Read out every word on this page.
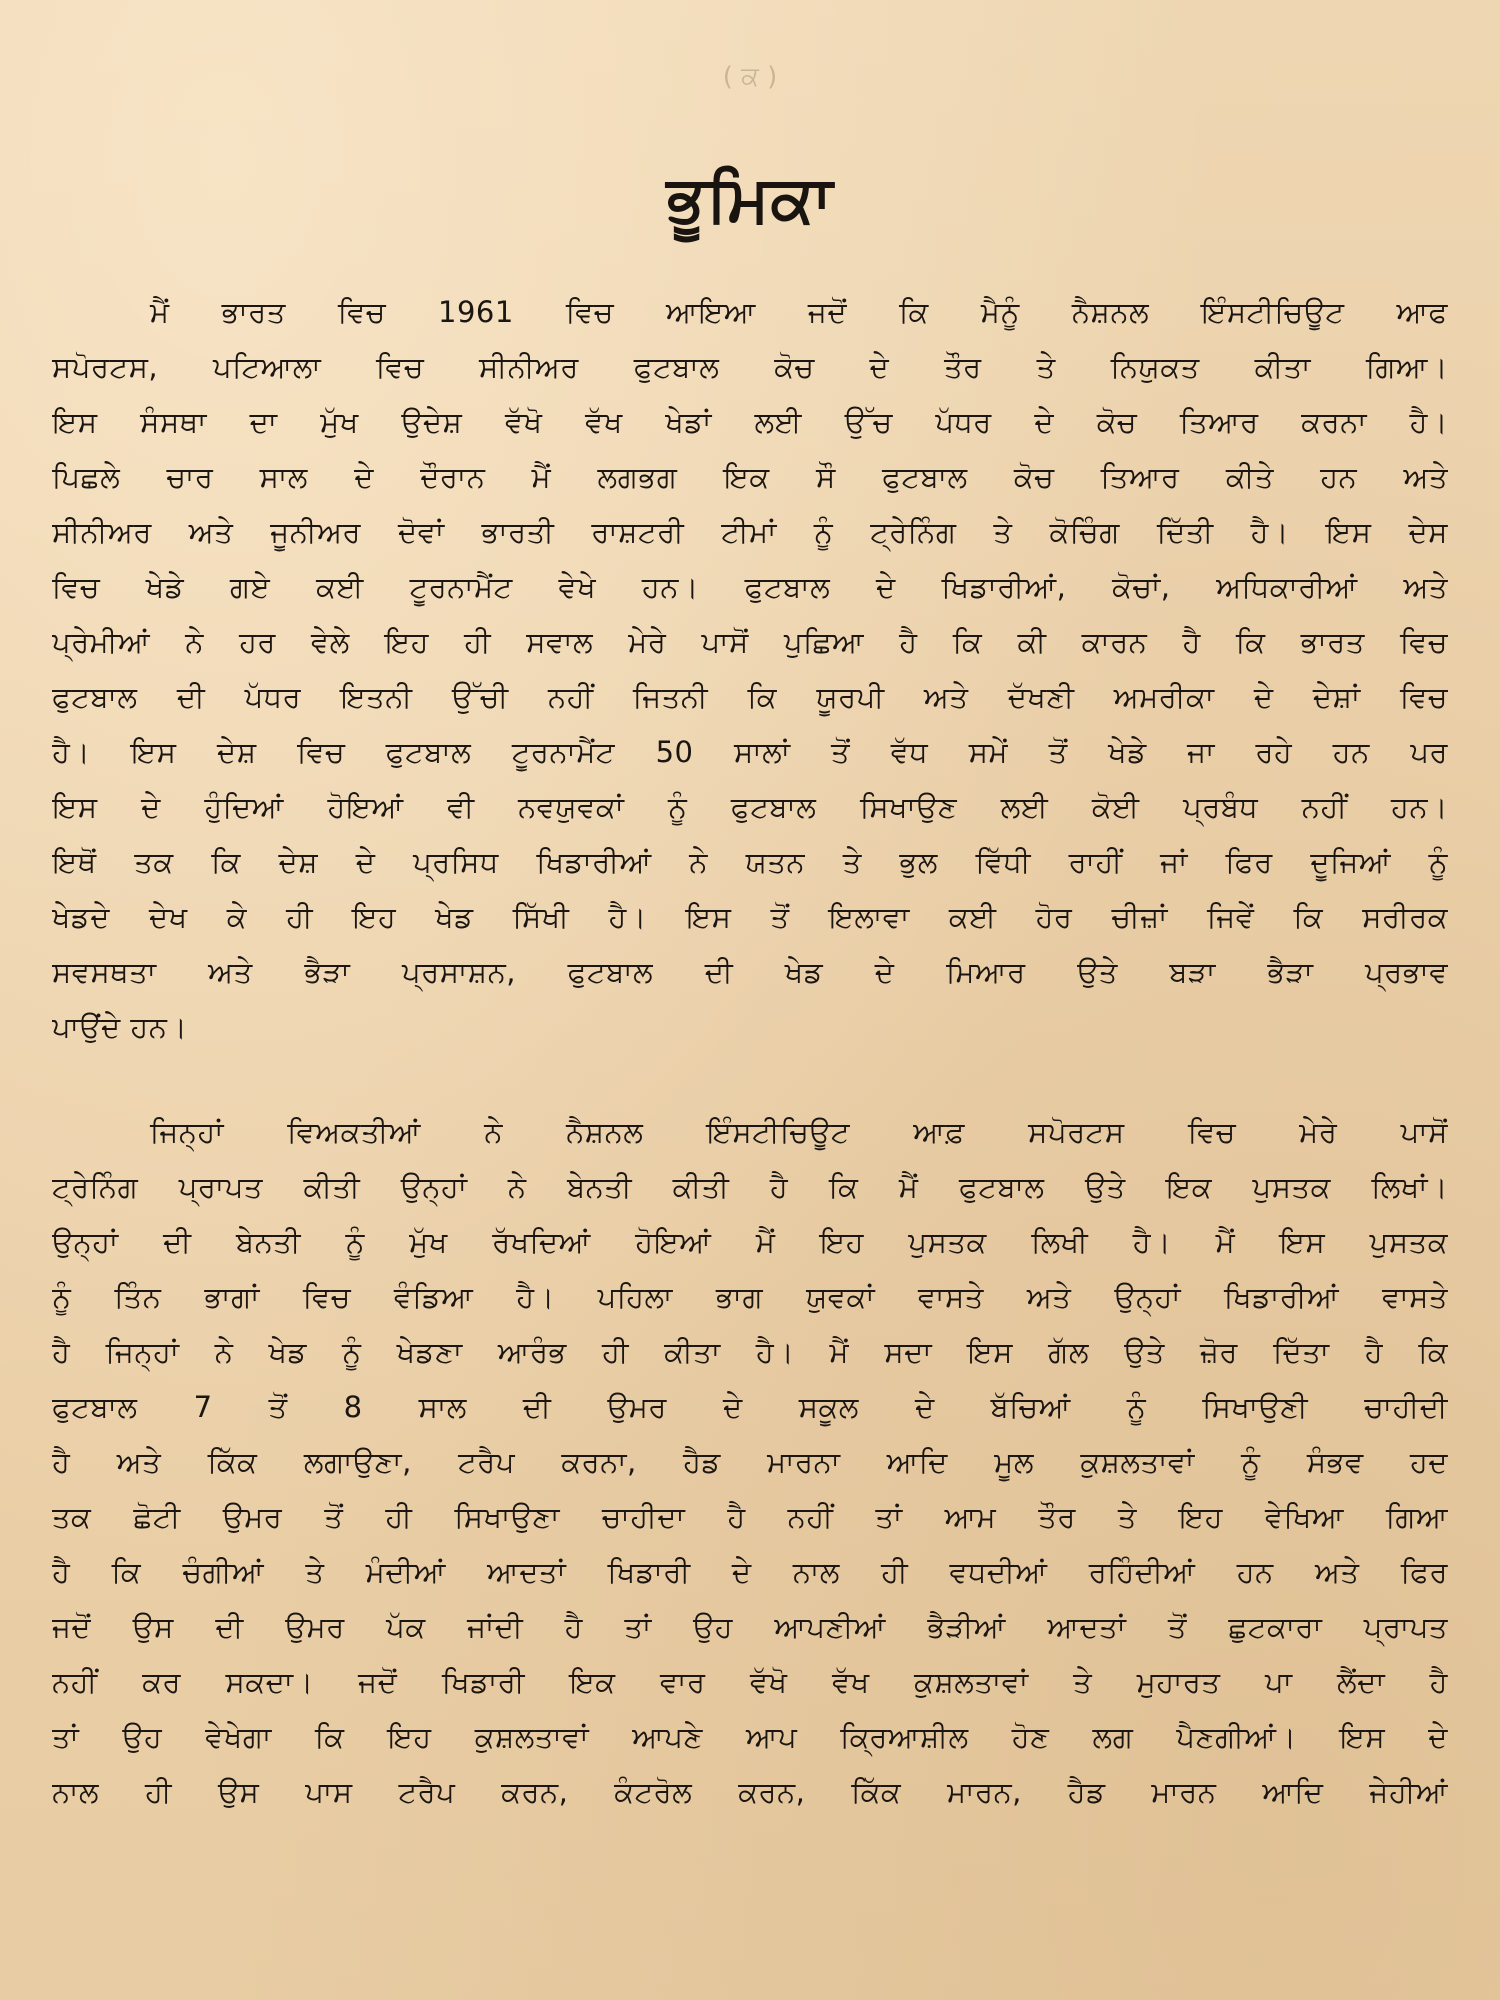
( ਕ )
ਭੂਮਿਕਾ
ਮੈਂ ਭਾਰਤ ਵਿਚ 1961 ਵਿਚ ਆਇਆ ਜਦੋਂ ਕਿ ਮੈਨੂੰ ਨੈਸ਼ਨਲ ਇੰਸਟੀਚਿਊਟ ਆਫ
ਸਪੋਰਟਸ, ਪਟਿਆਲਾ ਵਿਚ ਸੀਨੀਅਰ ਫੁਟਬਾਲ ਕੋਚ ਦੇ ਤੌਰ ਤੇ ਨਿਯੁਕਤ ਕੀਤਾ ਗਿਆ।
ਇਸ ਸੰਸਥਾ ਦਾ ਮੁੱਖ ਉਦੇਸ਼ ਵੱਖੋ ਵੱਖ ਖੇਡਾਂ ਲਈ ਉੱਚ ਪੱਧਰ ਦੇ ਕੋਚ ਤਿਆਰ ਕਰਨਾ ਹੈ।
ਪਿਛਲੇ ਚਾਰ ਸਾਲ ਦੇ ਦੌਰਾਨ ਮੈਂ ਲਗਭਗ ਇਕ ਸੌ ਫੁਟਬਾਲ ਕੋਚ ਤਿਆਰ ਕੀਤੇ ਹਨ ਅਤੇ
ਸੀਨੀਅਰ ਅਤੇ ਜੂਨੀਅਰ ਦੋਵਾਂ ਭਾਰਤੀ ਰਾਸ਼ਟਰੀ ਟੀਮਾਂ ਨੂੰ ਟ੍ਰੇਨਿੰਗ ਤੇ ਕੋਚਿੰਗ ਦਿੱਤੀ ਹੈ। ਇਸ ਦੇਸ
ਵਿਚ ਖੇਡੇ ਗਏ ਕਈ ਟੂਰਨਾਮੈਂਟ ਵੇਖੇ ਹਨ। ਫੁਟਬਾਲ ਦੇ ਖਿਡਾਰੀਆਂ, ਕੋਚਾਂ, ਅਧਿਕਾਰੀਆਂ ਅਤੇ
ਪ੍ਰੇਮੀਆਂ ਨੇ ਹਰ ਵੇਲੇ ਇਹ ਹੀ ਸਵਾਲ ਮੇਰੇ ਪਾਸੋਂ ਪੁਛਿਆ ਹੈ ਕਿ ਕੀ ਕਾਰਨ ਹੈ ਕਿ ਭਾਰਤ ਵਿਚ
ਫੁਟਬਾਲ ਦੀ ਪੱਧਰ ਇਤਨੀ ਉੱਚੀ ਨਹੀਂ ਜਿਤਨੀ ਕਿ ਯੂਰਪੀ ਅਤੇ ਦੱਖਣੀ ਅਮਰੀਕਾ ਦੇ ਦੇਸ਼ਾਂ ਵਿਚ
ਹੈ। ਇਸ ਦੇਸ਼ ਵਿਚ ਫੁਟਬਾਲ ਟੂਰਨਾਮੈਂਟ 50 ਸਾਲਾਂ ਤੋਂ ਵੱਧ ਸਮੇਂ ਤੋਂ ਖੇਡੇ ਜਾ ਰਹੇ ਹਨ ਪਰ
ਇਸ ਦੇ ਹੁੰਦਿਆਂ ਹੋਇਆਂ ਵੀ ਨਵਯੁਵਕਾਂ ਨੂੰ ਫੁਟਬਾਲ ਸਿਖਾਉਣ ਲਈ ਕੋਈ ਪ੍ਰਬੰਧ ਨਹੀਂ ਹਨ।
ਇਥੋਂ ਤਕ ਕਿ ਦੇਸ਼ ਦੇ ਪ੍ਰਸਿਧ ਖਿਡਾਰੀਆਂ ਨੇ ਯਤਨ ਤੇ ਭੁਲ ਵਿੱਧੀ ਰਾਹੀਂ ਜਾਂ ਫਿਰ ਦੂਜਿਆਂ ਨੂੰ
ਖੇਡਦੇ ਦੇਖ ਕੇ ਹੀ ਇਹ ਖੇਡ ਸਿੱਖੀ ਹੈ। ਇਸ ਤੋਂ ਇਲਾਵਾ ਕਈ ਹੋਰ ਚੀਜ਼ਾਂ ਜਿਵੇਂ ਕਿ ਸਰੀਰਕ
ਸਵਸਥਤਾ ਅਤੇ ਭੈੜਾ ਪ੍ਰਸਾਸ਼ਨ, ਫੁਟਬਾਲ ਦੀ ਖੇਡ ਦੇ ਮਿਆਰ ਉਤੇ ਬੜਾ ਭੈੜਾ ਪ੍ਰਭਾਵ
ਪਾਉਂਦੇ ਹਨ।
ਜਿਨ੍ਹਾਂ ਵਿਅਕਤੀਆਂ ਨੇ ਨੈਸ਼ਨਲ ਇੰਸਟੀਚਿਊਟ ਆਫ਼ ਸਪੋਰਟਸ ਵਿਚ ਮੇਰੇ ਪਾਸੋਂ
ਟ੍ਰੇਨਿੰਗ ਪ੍ਰਾਪਤ ਕੀਤੀ ਉਨ੍ਹਾਂ ਨੇ ਬੇਨਤੀ ਕੀਤੀ ਹੈ ਕਿ ਮੈਂ ਫੁਟਬਾਲ ਉਤੇ ਇਕ ਪੁਸਤਕ ਲਿਖਾਂ।
ਉਨ੍ਹਾਂ ਦੀ ਬੇਨਤੀ ਨੂੰ ਮੁੱਖ ਰੱਖਦਿਆਂ ਹੋਇਆਂ ਮੈਂ ਇਹ ਪੁਸਤਕ ਲਿਖੀ ਹੈ। ਮੈਂ ਇਸ ਪੁਸਤਕ
ਨੂੰ ਤਿੰਨ ਭਾਗਾਂ ਵਿਚ ਵੰਡਿਆ ਹੈ। ਪਹਿਲਾ ਭਾਗ ਯੁਵਕਾਂ ਵਾਸਤੇ ਅਤੇ ਉਨ੍ਹਾਂ ਖਿਡਾਰੀਆਂ ਵਾਸਤੇ
ਹੈ ਜਿਨ੍ਹਾਂ ਨੇ ਖੇਡ ਨੂੰ ਖੇਡਣਾ ਆਰੰਭ ਹੀ ਕੀਤਾ ਹੈ। ਮੈਂ ਸਦਾ ਇਸ ਗੱਲ ਉਤੇ ਜ਼ੋਰ ਦਿੱਤਾ ਹੈ ਕਿ
ਫੁਟਬਾਲ 7 ਤੋਂ 8 ਸਾਲ ਦੀ ਉਮਰ ਦੇ ਸਕੂਲ ਦੇ ਬੱਚਿਆਂ ਨੂੰ ਸਿਖਾਉਣੀ ਚਾਹੀਦੀ
ਹੈ ਅਤੇ ਕਿੱਕ ਲਗਾਉਣਾ, ਟਰੈਪ ਕਰਨਾ, ਹੈਡ ਮਾਰਨਾ ਆਦਿ ਮੂਲ ਕੁਸ਼ਲਤਾਵਾਂ ਨੂੰ ਸੰਭਵ ਹਦ
ਤਕ ਛੋਟੀ ਉਮਰ ਤੋਂ ਹੀ ਸਿਖਾਉਣਾ ਚਾਹੀਦਾ ਹੈ ਨਹੀਂ ਤਾਂ ਆਮ ਤੌਰ ਤੇ ਇਹ ਵੇਖਿਆ ਗਿਆ
ਹੈ ਕਿ ਚੰਗੀਆਂ ਤੇ ਮੰਦੀਆਂ ਆਦਤਾਂ ਖਿਡਾਰੀ ਦੇ ਨਾਲ ਹੀ ਵਧਦੀਆਂ ਰਹਿੰਦੀਆਂ ਹਨ ਅਤੇ ਫਿਰ
ਜਦੋਂ ਉਸ ਦੀ ਉਮਰ ਪੱਕ ਜਾਂਦੀ ਹੈ ਤਾਂ ਉਹ ਆਪਣੀਆਂ ਭੈੜੀਆਂ ਆਦਤਾਂ ਤੋਂ ਛੁਟਕਾਰਾ ਪ੍ਰਾਪਤ
ਨਹੀਂ ਕਰ ਸਕਦਾ। ਜਦੋਂ ਖਿਡਾਰੀ ਇਕ ਵਾਰ ਵੱਖੋ ਵੱਖ ਕੁਸ਼ਲਤਾਵਾਂ ਤੇ ਮੁਹਾਰਤ ਪਾ ਲੈਂਦਾ ਹੈ
ਤਾਂ ਉਹ ਵੇਖੇਗਾ ਕਿ ਇਹ ਕੁਸ਼ਲਤਾਵਾਂ ਆਪਣੇ ਆਪ ਕ੍ਰਿਆਸ਼ੀਲ ਹੋਣ ਲਗ ਪੈਣਗੀਆਂ। ਇਸ ਦੇ
ਨਾਲ ਹੀ ਉਸ ਪਾਸ ਟਰੈਪ ਕਰਨ, ਕੰਟਰੋਲ ਕਰਨ, ਕਿੱਕ ਮਾਰਨ, ਹੈਡ ਮਾਰਨ ਆਦਿ ਜੇਹੀਆਂ
